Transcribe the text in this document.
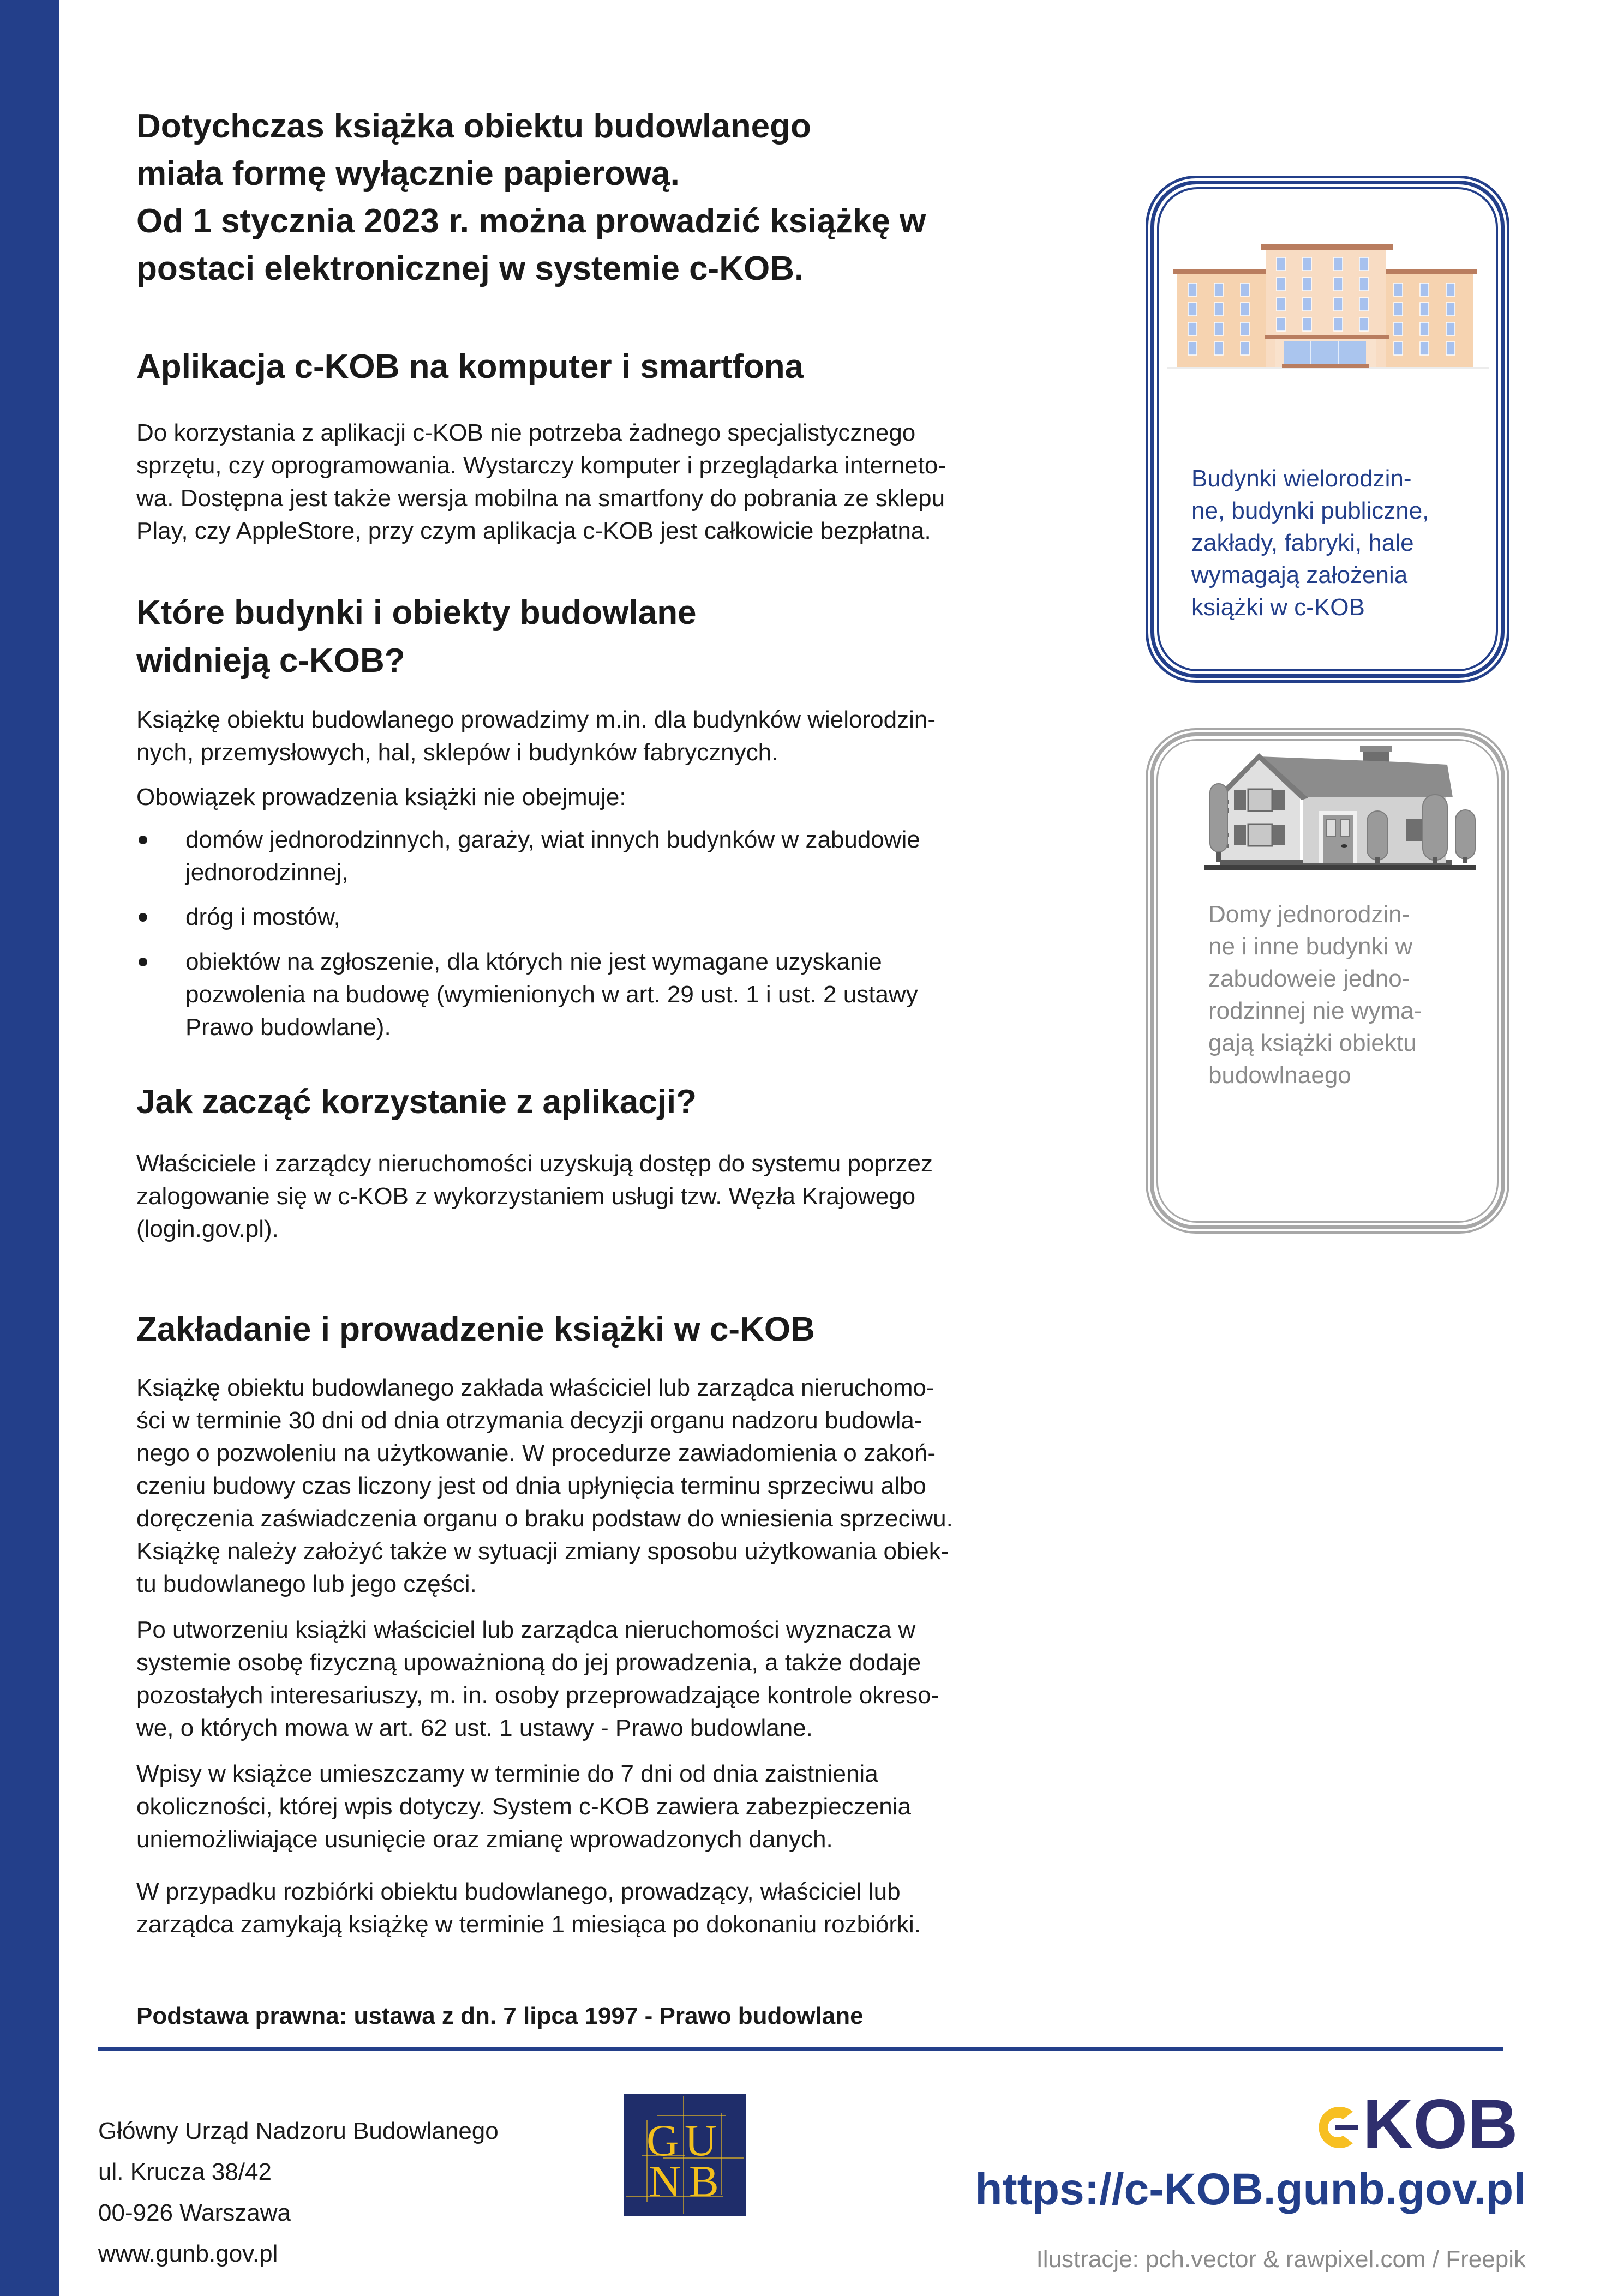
Dotychczas książka obiektu budowlanego
miała formę wyłącznie papierową.
Od 1 stycznia 2023 r. można prowadzić książkę w
postaci elektronicznej w systemie c-KOB.
Aplikacja c-KOB na komputer i smartfona
Do korzystania z aplikacji c-KOB nie potrzeba żadnego specjalistycznego
sprzętu, czy oprogramowania. Wystarczy komputer i przeglądarka interneto-
wa. Dostępna jest także wersja mobilna na smartfony do pobrania ze sklepu
Play, czy AppleStore, przy czym aplikacja c-KOB jest całkowicie bezpłatna.
Które budynki i obiekty budowlane
widnieją c-KOB?
Książkę obiektu budowlanego prowadzimy m.in. dla budynków wielorodzin-
nych, przemysłowych, hal, sklepów i budynków fabrycznych.
Obowiązek prowadzenia książki nie obejmuje:
domów jednorodzinnych, garaży, wiat innych budynków w zabudowie
jednorodzinnej,
dróg i mostów,
obiektów na zgłoszenie, dla których nie jest wymagane uzyskanie
pozwolenia na budowę (wymienionych w art. 29 ust. 1 i ust. 2 ustawy
Prawo budowlane).
Jak zacząć korzystanie z aplikacji?
Właściciele i zarządcy nieruchomości uzyskują dostęp do systemu poprzez
zalogowanie się w c-KOB z wykorzystaniem usługi tzw. Węzła Krajowego
(login.gov.pl).
Zakładanie i prowadzenie książki w c-KOB
Książkę obiektu budowlanego zakłada właściciel lub zarządca nieruchomo-
ści w terminie 30 dni od dnia otrzymania decyzji organu nadzoru budowla-
nego o pozwoleniu na użytkowanie. W procedurze zawiadomienia o zakoń-
czeniu budowy czas liczony jest od dnia upłynięcia terminu sprzeciwu albo
doręczenia zaświadczenia organu o braku podstaw do wniesienia sprzeciwu.
Książkę należy założyć także w sytuacji zmiany sposobu użytkowania obiek-
tu budowlanego lub jego części.
Po utworzeniu książki właściciel lub zarządca nieruchomości wyznacza w
systemie osobę fizyczną upoważnioną do jej prowadzenia, a także dodaje
pozostałych interesariuszy, m. in. osoby przeprowadzające kontrole okreso-
we, o których mowa w art. 62 ust. 1 ustawy - Prawo budowlane.
Wpisy w książce umieszczamy w terminie do 7 dni od dnia zaistnienia
okoliczności, której wpis dotyczy. System c-KOB zawiera zabezpieczenia
uniemożliwiające usunięcie oraz zmianę wprowadzonych danych.
W przypadku rozbiórki obiektu budowlanego, prowadzący, właściciel lub
zarządca zamykają książkę w terminie 1 miesiąca po dokonaniu rozbiórki.
Podstawa prawna: ustawa z dn. 7 lipca 1997 - Prawo budowlane
Budynki wielorodzin-
ne, budynki publiczne,
zakłady, fabryki, hale
wymagają założenia
książki w c-KOB
Domy jednorodzin-
ne i inne budynki w
zabudoweie jedno-
rodzinnej nie wyma-
gają książki obiektu
budowlnaego
Główny Urząd Nadzoru Budowlanego
ul. Krucza 38/42
00-926 Warszawa
www.gunb.gov.pl
G U
N B
KOB
https://c-KOB.gunb.gov.pl
Ilustracje: pch.vector & rawpixel.com / Freepik
